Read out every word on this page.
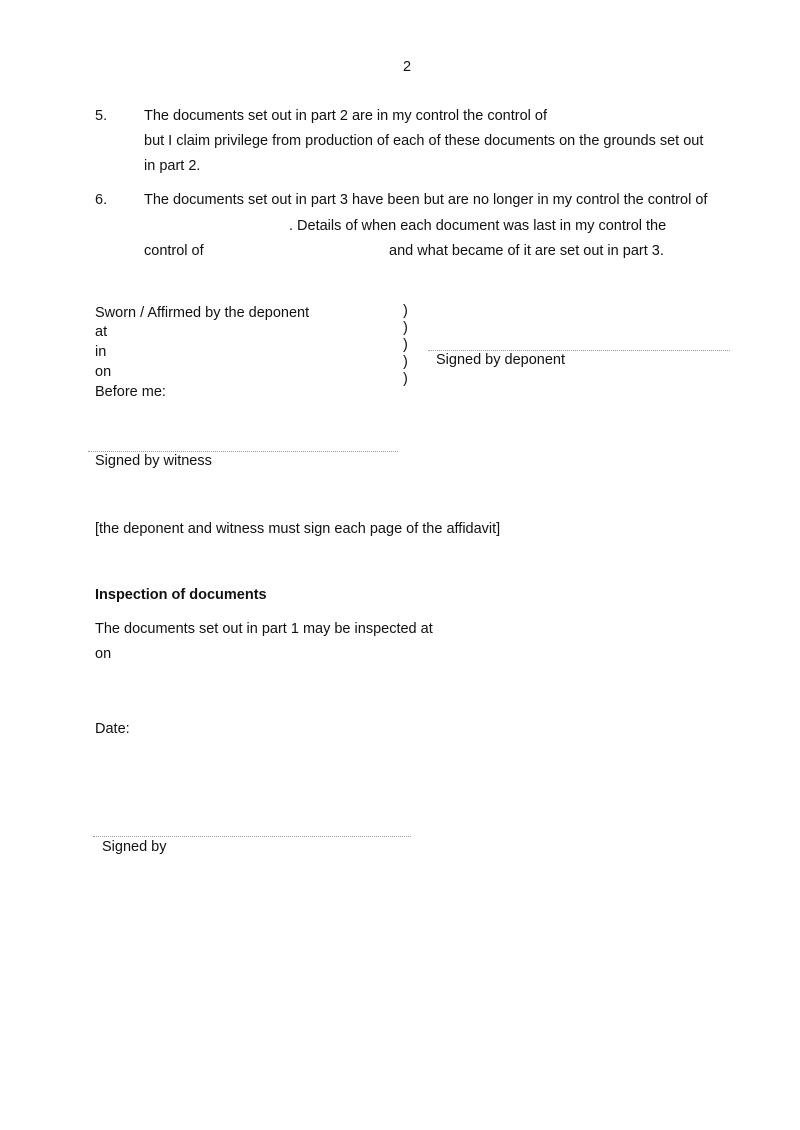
2
5.	The documents set out in part 2 are in my control the control of
but I claim privilege from production of each of these documents on the grounds set out
in part 2.
6.	The documents set out in part 3 have been but are no longer in my control the control of
. Details of when each document was last in my control the
control of	and what became of it are set out in part 3.
Sworn / Affirmed by the deponent
at
in
on
Before me:
)
)
)
)
)
Signed by deponent
Signed by witness
[the deponent and witness must sign each page of the affidavit]
Inspection of documents
The documents set out in part 1 may be inspected at
on
Date:
Signed by
